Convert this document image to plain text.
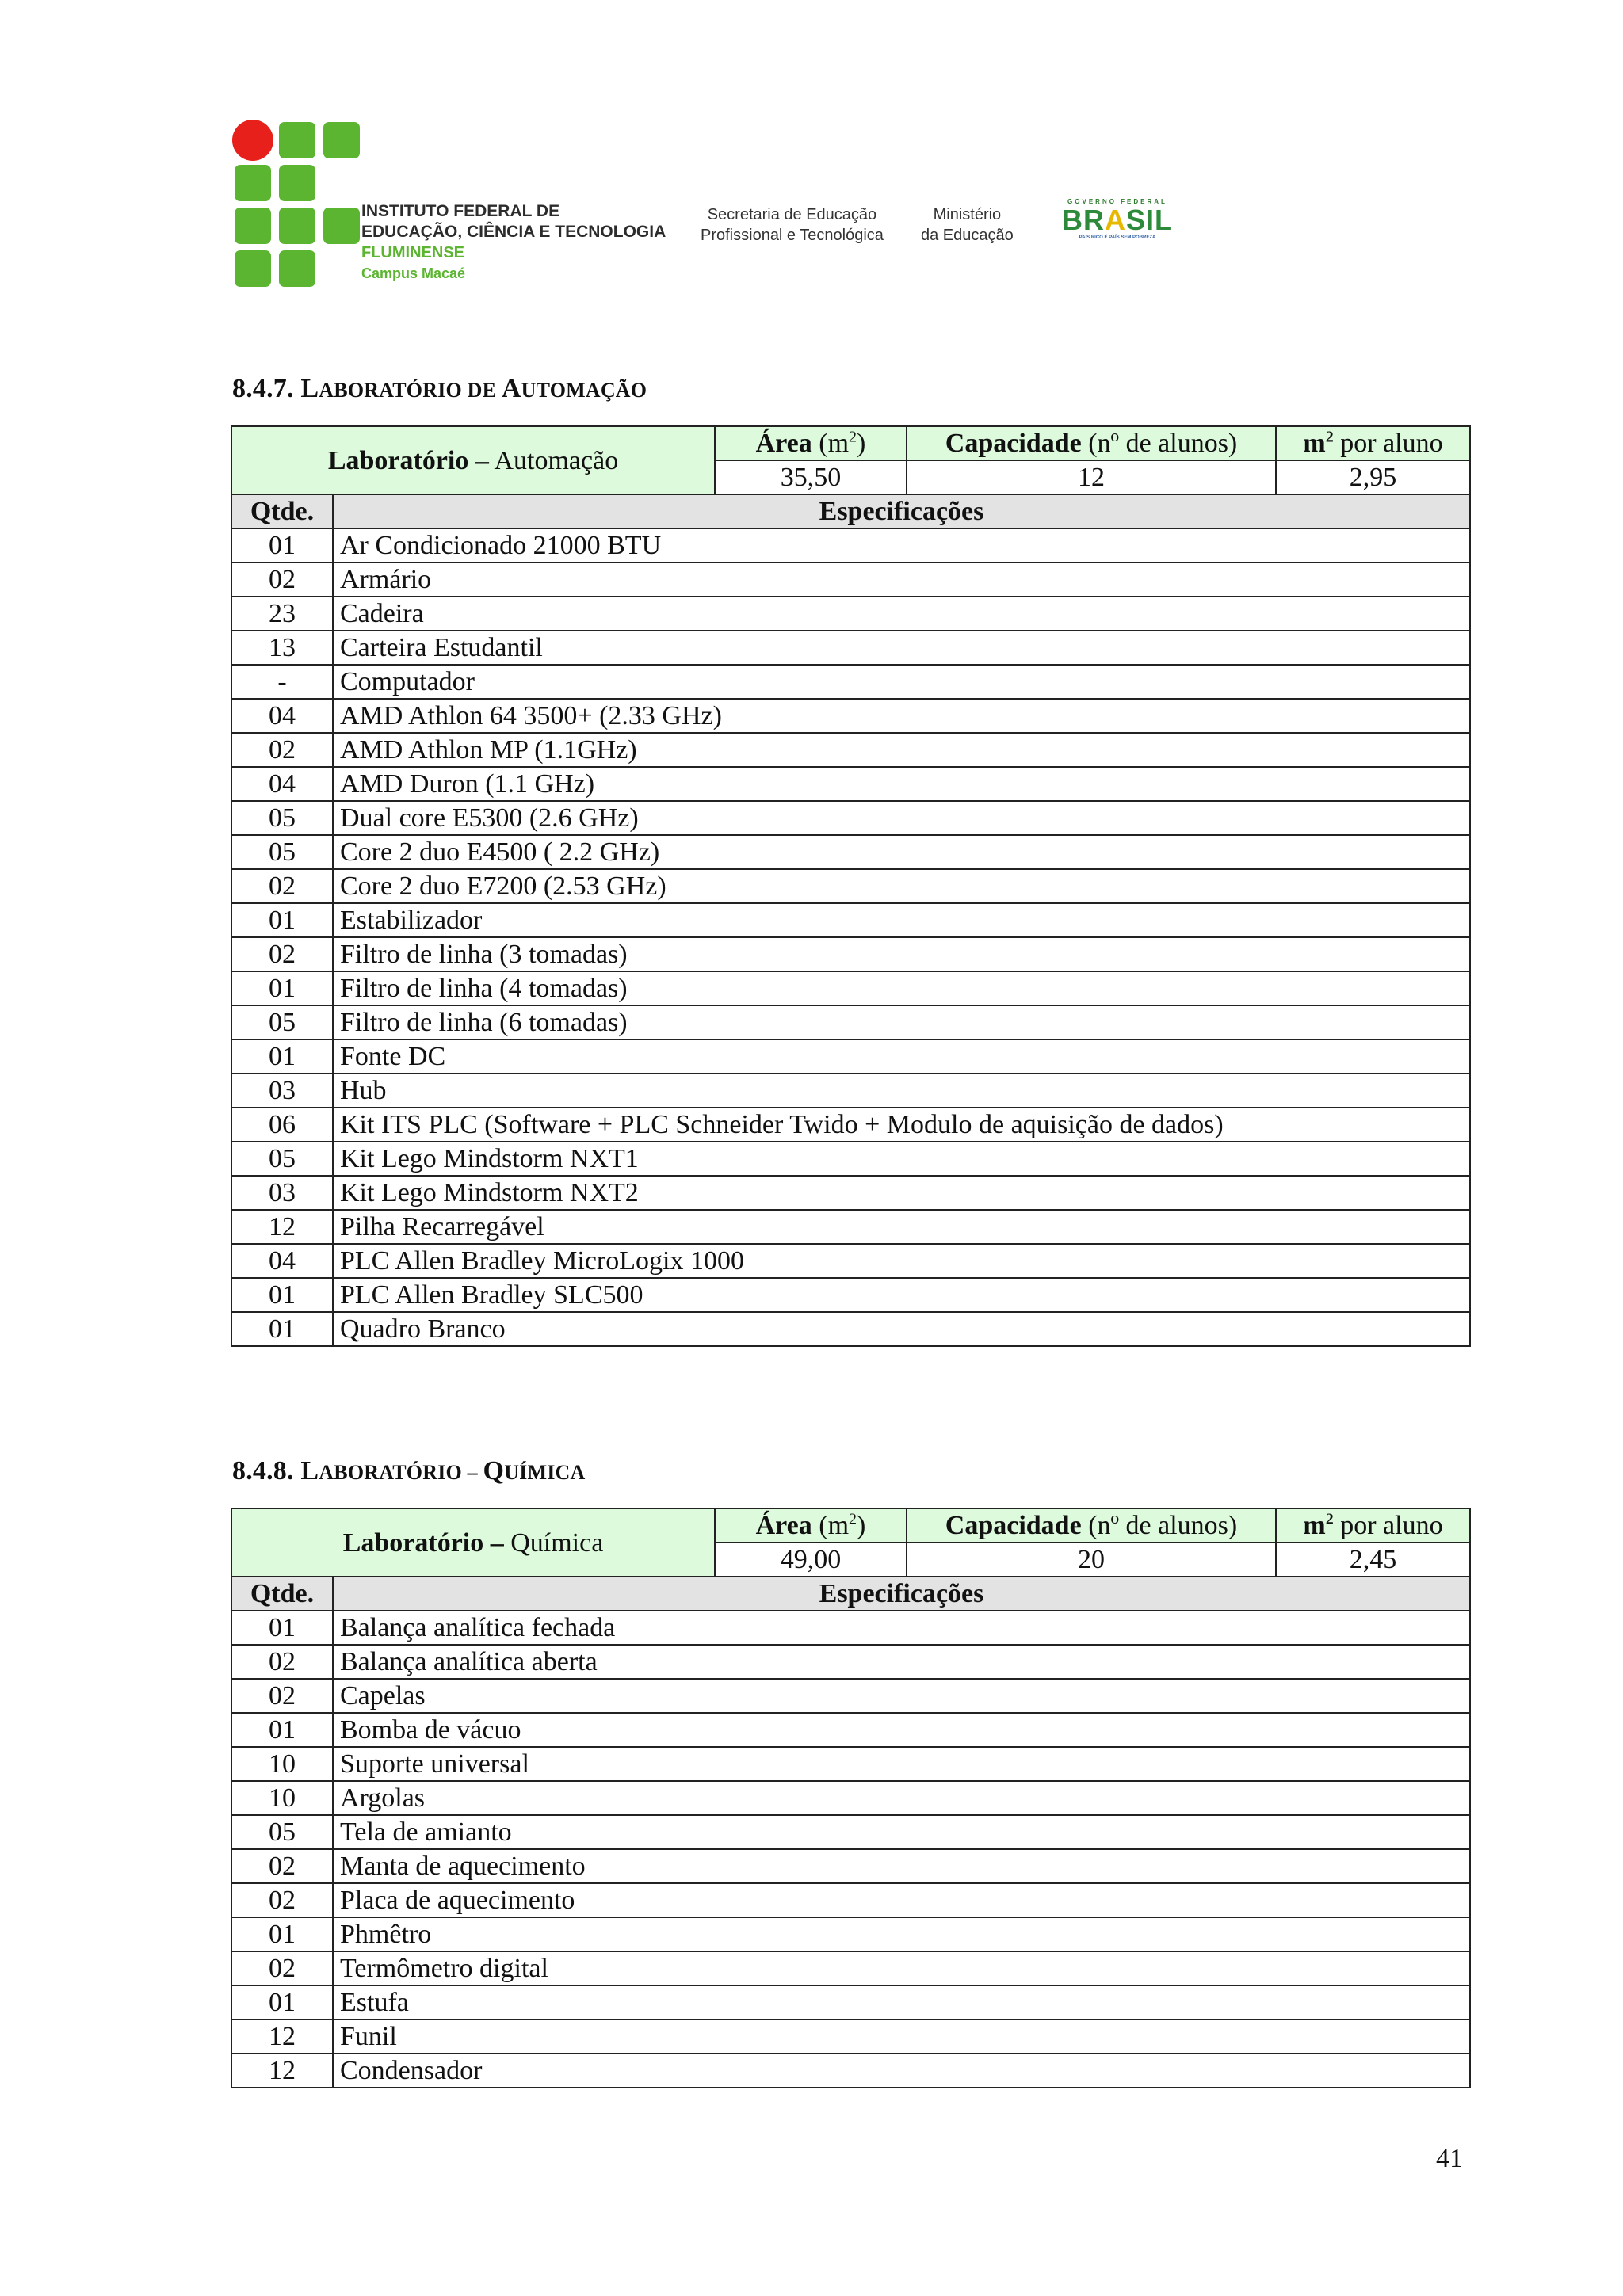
INSTITUTO FEDERAL DE
EDUCAÇÃO, CIÊNCIA E TECNOLOGIA
FLUMINENSE
Campus Macaé
Secretaria de Educação
Profissional e Tecnológica
Ministério
da Educação
GOVERNO FEDERAL
BRASIL
PAÍS RICO É PAÍS SEM POBREZA
8.4.7. LABORATÓRIO DE AUTOMAÇÃO
Laboratório – Automação		Área $(m^2)$	Capacidade (nº de alunos)	$m^2$ por aluno
		35,50	12	2,95
Qtde.	Especificações			
01	Ar Condicionado 21000 BTU			
02	Armário			
23	Cadeira			
13	Carteira Estudantil			
-	Computador			
04	AMD Athlon 64 3500+ (2.33 GHz)			
02	AMD Athlon MP (1.1GHz)			
04	AMD Duron (1.1 GHz)			
05	Dual core E5300 (2.6 GHz)			
05	Core 2 duo E4500 ( 2.2 GHz)			
02	Core 2 duo E7200 (2.53 GHz)			
01	Estabilizador			
02	Filtro de linha (3 tomadas)			
01	Filtro de linha (4 tomadas)			
05	Filtro de linha (6 tomadas)			
01	Fonte DC			
03	Hub			
06	Kit ITS PLC (Software + PLC Schneider Twido + Modulo de aquisição de dados)			
05	Kit Lego Mindstorm NXT1			
03	Kit Lego Mindstorm NXT2			
12	Pilha Recarregável			
04	PLC Allen Bradley MicroLogix 1000			
01	PLC Allen Bradley SLC500			
01	Quadro Branco			
8.4.8. LABORATÓRIO – QUÍMICA
Laboratório – Química		Área $(m^2)$	Capacidade (nº de alunos)	$m^2$ por aluno
		49,00	20	2,45
Qtde.	Especificações			
01	Balança analítica fechada			
02	Balança analítica aberta			
02	Capelas			
01	Bomba de vácuo			
10	Suporte universal			
10	Argolas			
05	Tela de amianto			
02	Manta de aquecimento			
02	Placa de aquecimento			
01	Phmêtro			
02	Termômetro digital			
01	Estufa			
12	Funil			
12	Condensador			
41
